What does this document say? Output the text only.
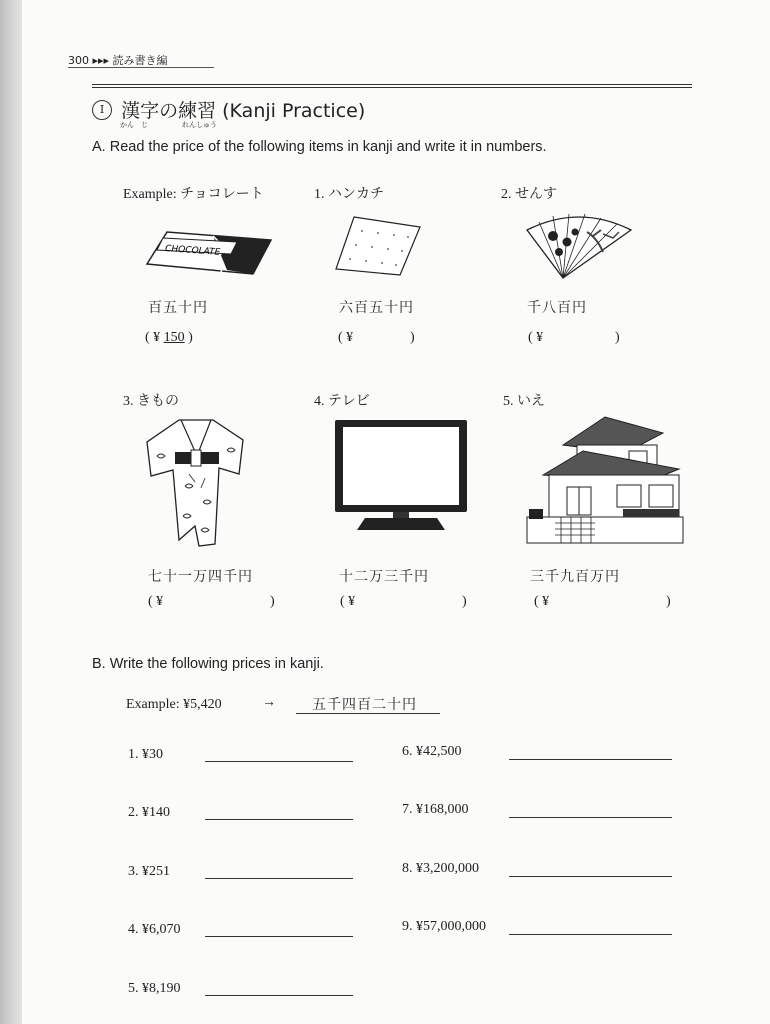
300 ▸▸▸ 読み書き編
I 漢字の練習 (Kanji Practice)
かん　じ	れんしゅう
A. Read the price of the following items in kanji and write it in numbers.
Example: チョコレート	1. ハンカチ	2. せんす
CHOCOLATE
百五十円	六百五十円	千八百円
( ¥ 150 )	( ¥	)	( ¥	)
3. きもの	4. テレビ	5. いえ
七十一万四千円	十二万三千円	三千九百万円
( ¥	)	( ¥	)	( ¥	)
B. Write the following prices in kanji.
Example: ¥5,420	→	五千四百二十円
1. ¥30
2. ¥140
3. ¥251
4. ¥6,070
5. ¥8,190
6. ¥42,500
7. ¥168,000
8. ¥3,200,000
9. ¥57,000,000
